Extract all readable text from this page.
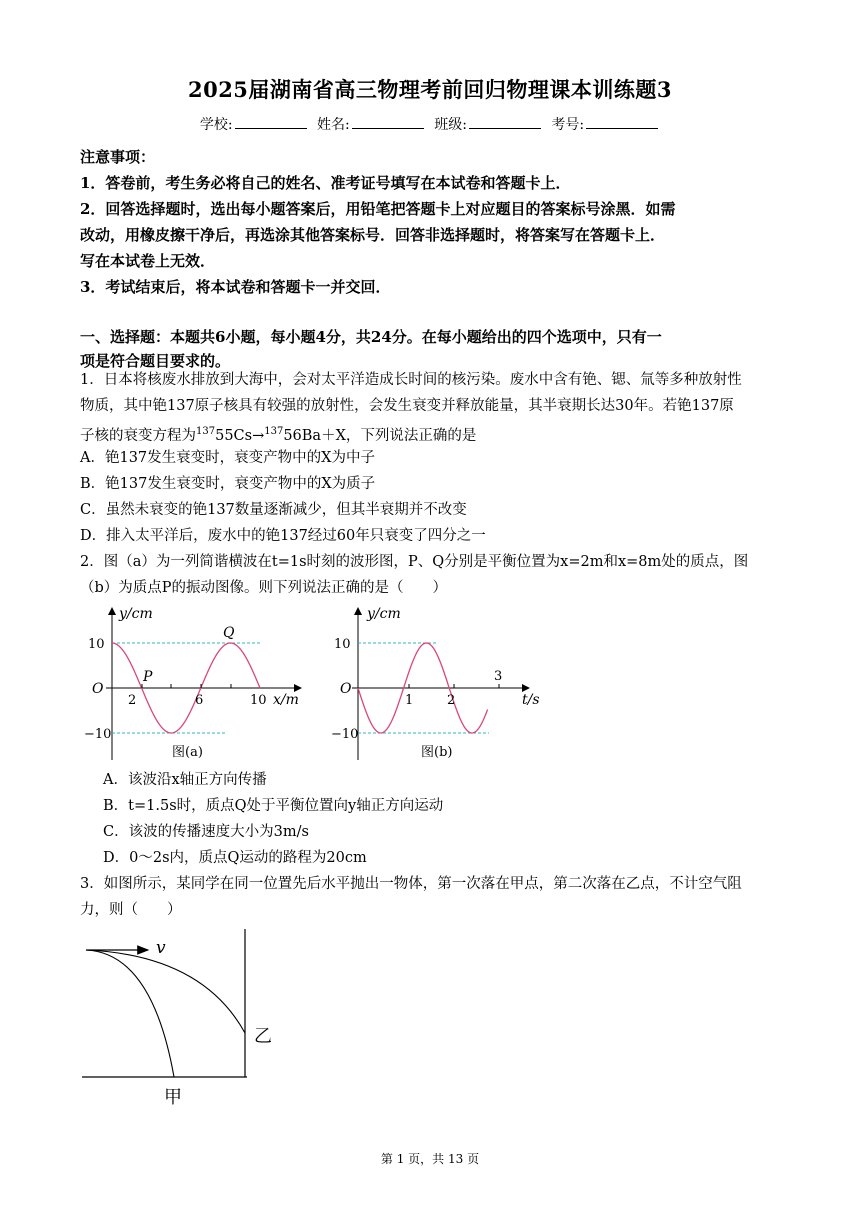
2025届湖南省高三物理考前回归物理课本训练题3
学校:	姓名:	班级:	考号:
注意事项：
1．答卷前，考生务必将自己的姓名、准考证号填写在本试卷和答题卡上．
2．回答选择题时，选出每小题答案后，用铅笔把答题卡上对应题目的答案标号涂黑．如需
改动，用橡皮擦干净后，再选涂其他答案标号．回答非选择题时，将答案写在答题卡上．
写在本试卷上无效．
3．考试结束后，将本试卷和答题卡一并交回．
一、选择题：本题共6小题，每小题4分，共24分。在每小题给出的四个选项中，只有一
项是符合题目要求的。
1．日本将核废水排放到大海中，会对太平洋造成长时间的核污染。废水中含有铯、锶、氚等多种放射性
物质，其中铯137原子核具有较强的放射性，会发生衰变并释放能量，其半衰期长达30年。若铯137原
子核的衰变方程为$^{137}$55Cs→$^{137}$56Ba＋X，下列说法正确的是
A．铯137发生衰变时，衰变产物中的X为中子
B．铯137发生衰变时，衰变产物中的X为质子
C．虽然未衰变的铯137数量逐渐减少，但其半衰期并不改变
D．排入太平洋后，废水中的铯137经过60年只衰变了四分之一
2．图（a）为一列简谐横波在t=1s时刻的波形图，P、Q分别是平衡位置为x=2m和x=8m处的质点，图
（b）为质点P的振动图像。则下列说法正确的是（　　）
y/cm
10
−10
O
2	6	10 x/m
P
Q
图(a)
y/cm
10
−10
O
1	2
3
t/s
图(b)
A．该波沿x轴正方向传播
B．t=1.5s时，质点Q处于平衡位置向y轴正方向运动
C．该波的传播速度大小为3m/s
D．0～2s内，质点Q运动的路程为20cm
3．如图所示，某同学在同一位置先后水平抛出一物体，第一次落在甲点，第二次落在乙点，不计空气阻
力，则（　　）
v
乙
甲
第 1 页，共 13 页
